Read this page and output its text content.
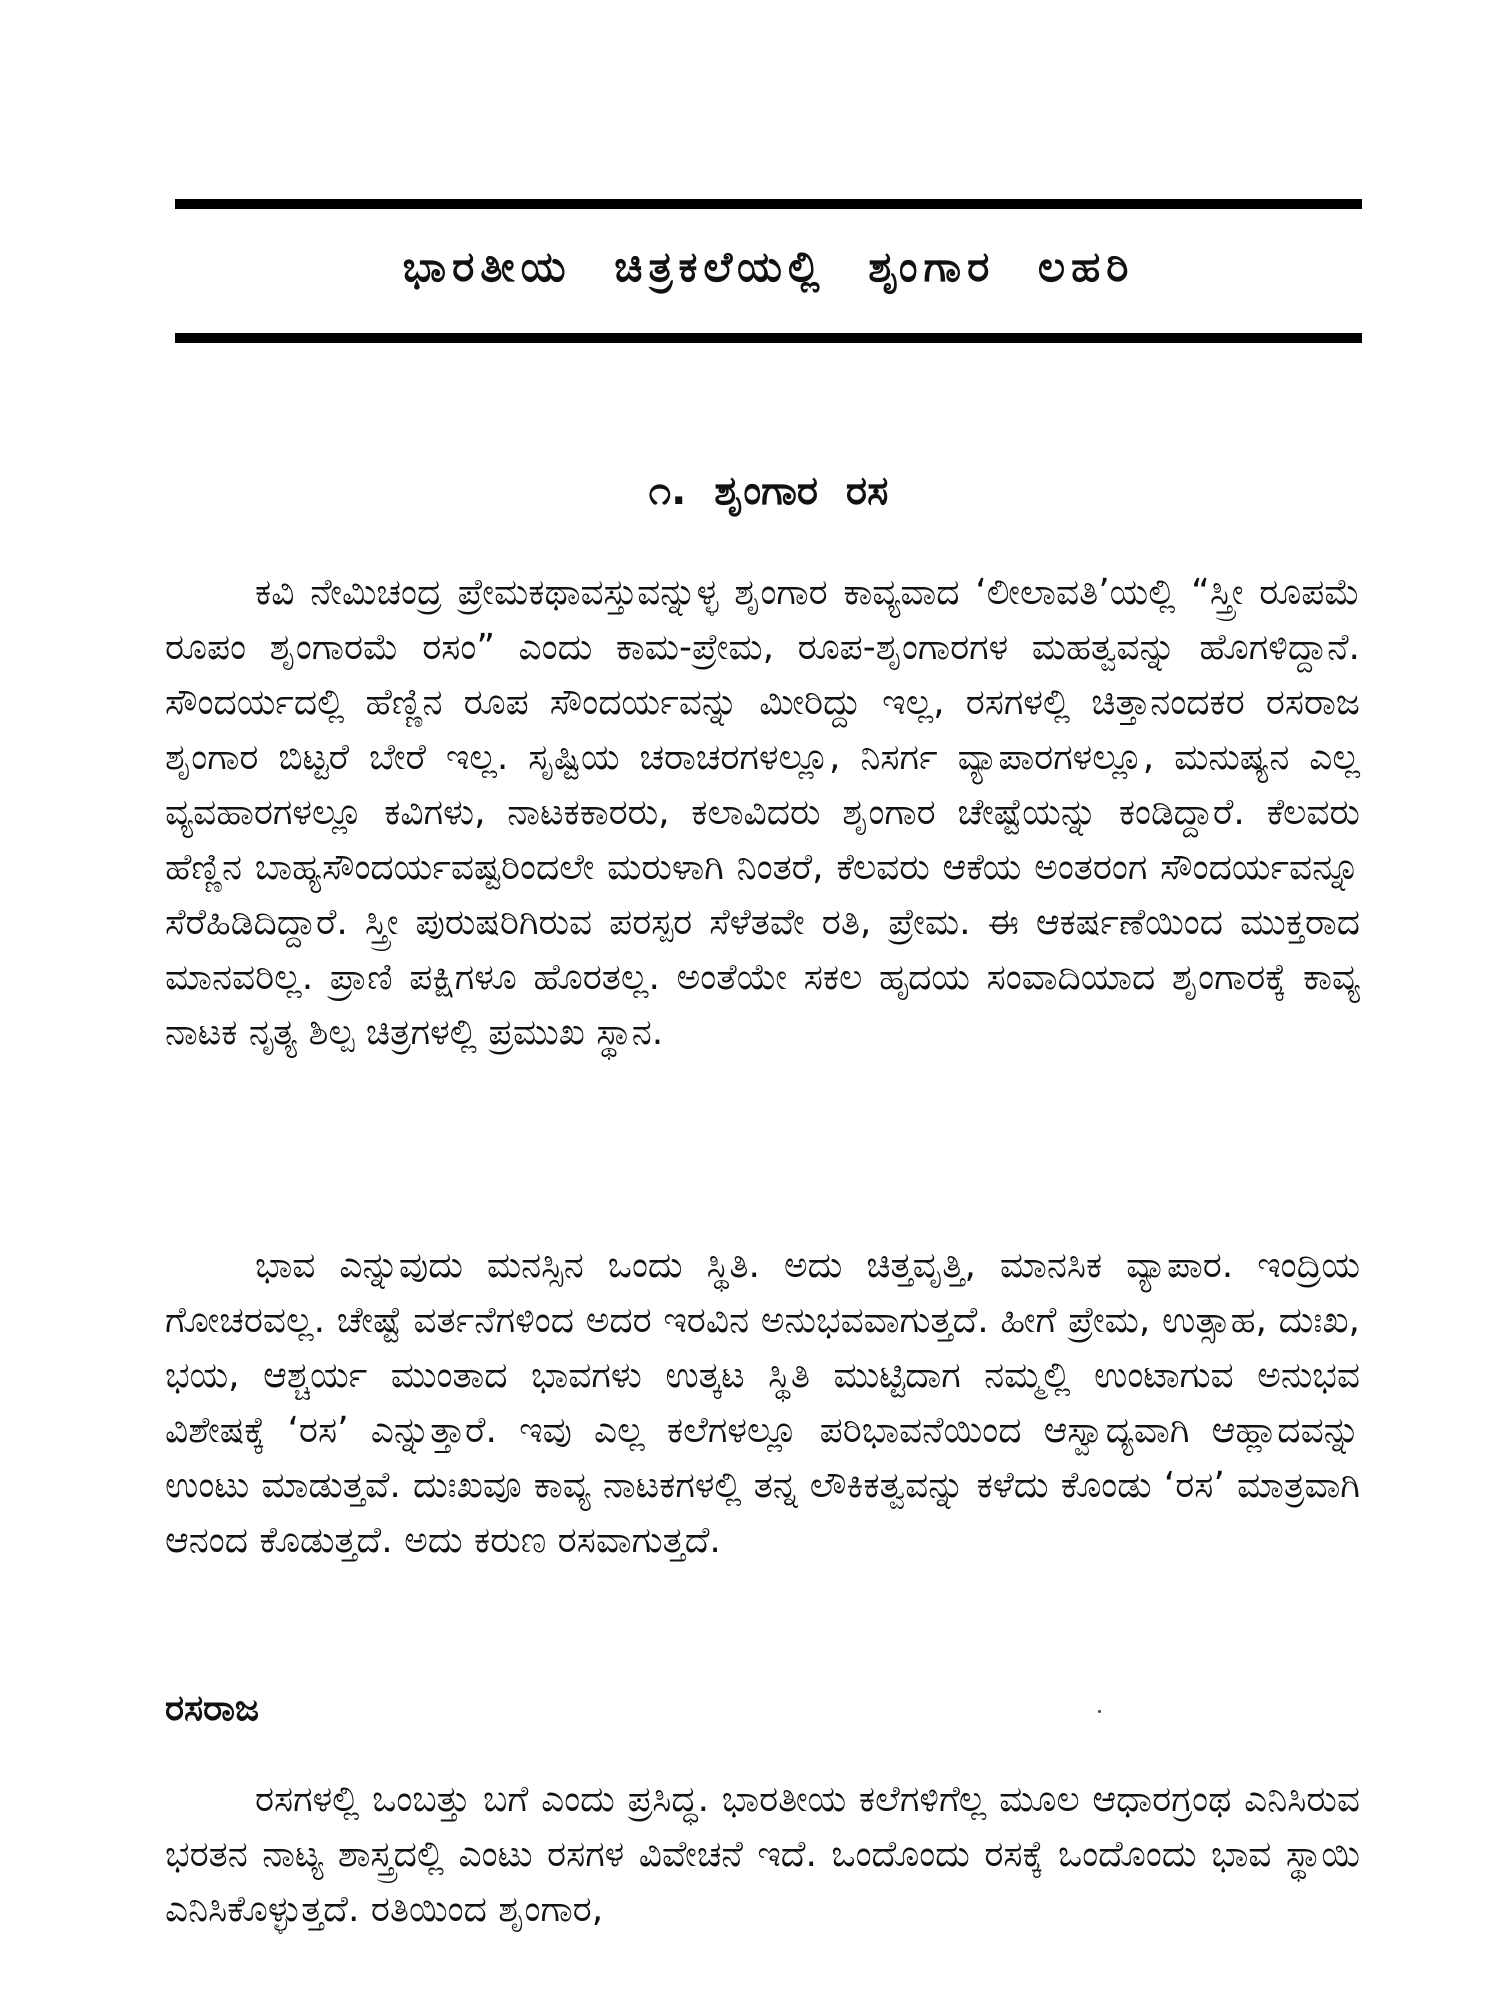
ಭಾರತೀಯ ಚಿತ್ರಕಲೆಯಲ್ಲಿ ಶೃಂಗಾರ ಲಹರಿ
೧. ಶೃಂಗಾರ ರಸ

ಕವಿ ನೇಮಿಚಂದ್ರ ಪ್ರೇಮಕಥಾವಸ್ತುವನ್ನುಳ್ಳ ಶೃಂಗಾರ ಕಾವ್ಯವಾದ ‘ಲೀಲಾವತಿ’ಯಲ್ಲಿ “ಸ್ತ್ರೀ ರೂಪಮೆ ರೂಪಂ ಶೃಂಗಾರಮೆ ರಸಂ” ಎಂದು ಕಾಮ-ಪ್ರೇಮ, ರೂಪ-ಶೃಂಗಾರಗಳ ಮಹತ್ವವನ್ನು ಹೊಗಳಿದ್ದಾನೆ. ಸೌಂದರ್ಯದಲ್ಲಿ ಹೆಣ್ಣಿನ ರೂಪ ಸೌಂದರ್ಯವನ್ನು ಮೀರಿದ್ದು ಇಲ್ಲ, ರಸಗಳಲ್ಲಿ ಚಿತ್ತಾನಂದಕರ ರಸರಾಜ ಶೃಂಗಾರ ಬಿಟ್ಟರೆ ಬೇರೆ ಇಲ್ಲ. ಸೃಷ್ಟಿಯ ಚರಾಚರಗಳಲ್ಲೂ, ನಿಸರ್ಗ ವ್ಯಾಪಾರಗಳಲ್ಲೂ, ಮನುಷ್ಯನ ಎಲ್ಲ ವ್ಯವಹಾರಗಳಲ್ಲೂ ಕವಿಗಳು, ನಾಟಕಕಾರರು, ಕಲಾವಿದರು ಶೃಂಗಾರ ಚೇಷ್ಟೆಯನ್ನು ಕಂಡಿದ್ದಾರೆ. ಕೆಲವರು ಹೆಣ್ಣಿನ ಬಾಹ್ಯಸೌಂದರ್ಯವಷ್ಟರಿಂದಲೇ ಮರುಳಾಗಿ ನಿಂತರೆ, ಕೆಲವರು ಆಕೆಯ ಅಂತರಂಗ ಸೌಂದರ್ಯವನ್ನೂ ಸೆರೆಹಿಡಿದಿದ್ದಾರೆ. ಸ್ತ್ರೀ ಪುರುಷರಿಗಿರುವ ಪರಸ್ಪರ ಸೆಳೆತವೇ ರತಿ, ಪ್ರೇಮ. ಈ ಆಕರ್ಷಣೆಯಿಂದ ಮುಕ್ತರಾದ ಮಾನವರಿಲ್ಲ. ಪ್ರಾಣಿ ಪಕ್ಷಿಗಳೂ ಹೊರತಲ್ಲ. ಅಂತೆಯೇ ಸಕಲ ಹೃದಯ ಸಂವಾದಿಯಾದ ಶೃಂಗಾರಕ್ಕೆ ಕಾವ್ಯ ನಾಟಕ ನೃತ್ಯ ಶಿಲ್ಪ ಚಿತ್ರಗಳಲ್ಲಿ ಪ್ರಮುಖ ಸ್ಥಾನ.

ಭಾವ ಎನ್ನುವುದು ಮನಸ್ಸಿನ ಒಂದು ಸ್ಥಿತಿ. ಅದು ಚಿತ್ತವೃತ್ತಿ, ಮಾನಸಿಕ ವ್ಯಾಪಾರ. ಇಂದ್ರಿಯ ಗೋಚರವಲ್ಲ. ಚೇಷ್ಟೆ ವರ್ತನೆಗಳಿಂದ ಅದರ ಇರವಿನ ಅನುಭವವಾಗುತ್ತದೆ. ಹೀಗೆ ಪ್ರೇಮ, ಉತ್ಸಾಹ, ದುಃಖ, ಭಯ, ಆಶ್ಚರ್ಯ ಮುಂತಾದ ಭಾವಗಳು ಉತ್ಕಟ ಸ್ಥಿತಿ ಮುಟ್ಟಿದಾಗ ನಮ್ಮಲ್ಲಿ ಉಂಟಾಗುವ ಅನುಭವ ವಿಶೇಷಕ್ಕೆ ‘ರಸ’ ಎನ್ನುತ್ತಾರೆ. ಇವು ಎಲ್ಲ ಕಲೆಗಳಲ್ಲೂ ಪರಿಭಾವನೆಯಿಂದ ಆಸ್ವಾದ್ಯವಾಗಿ ಆಹ್ಲಾದವನ್ನು ಉಂಟು ಮಾಡುತ್ತವೆ. ದುಃಖವೂ ಕಾವ್ಯ ನಾಟಕಗಳಲ್ಲಿ ತನ್ನ ಲೌಕಿಕತ್ವವನ್ನು ಕಳೆದು ಕೊಂಡು ‘ರಸ’ ಮಾತ್ರವಾಗಿ ಆನಂದ ಕೊಡುತ್ತದೆ. ಅದು ಕರುಣ ರಸವಾಗುತ್ತದೆ.

ರಸರಾಜ

ರಸಗಳಲ್ಲಿ ಒಂಬತ್ತು ಬಗೆ ಎಂದು ಪ್ರಸಿದ್ಧ. ಭಾರತೀಯ ಕಲೆಗಳಿಗೆಲ್ಲ ಮೂಲ ಆಧಾರಗ್ರಂಥ ಎನಿಸಿರುವ ಭರತನ ನಾಟ್ಯ ಶಾಸ್ತ್ರದಲ್ಲಿ ಎಂಟು ರಸಗಳ ವಿವೇಚನೆ ಇದೆ. ಒಂದೊಂದು ರಸಕ್ಕೆ ಒಂದೊಂದು ಭಾವ ಸ್ಥಾಯಿ ಎನಿಸಿಕೊಳ್ಳುತ್ತದೆ. ರತಿಯಿಂದ ಶೃಂಗಾರ,
